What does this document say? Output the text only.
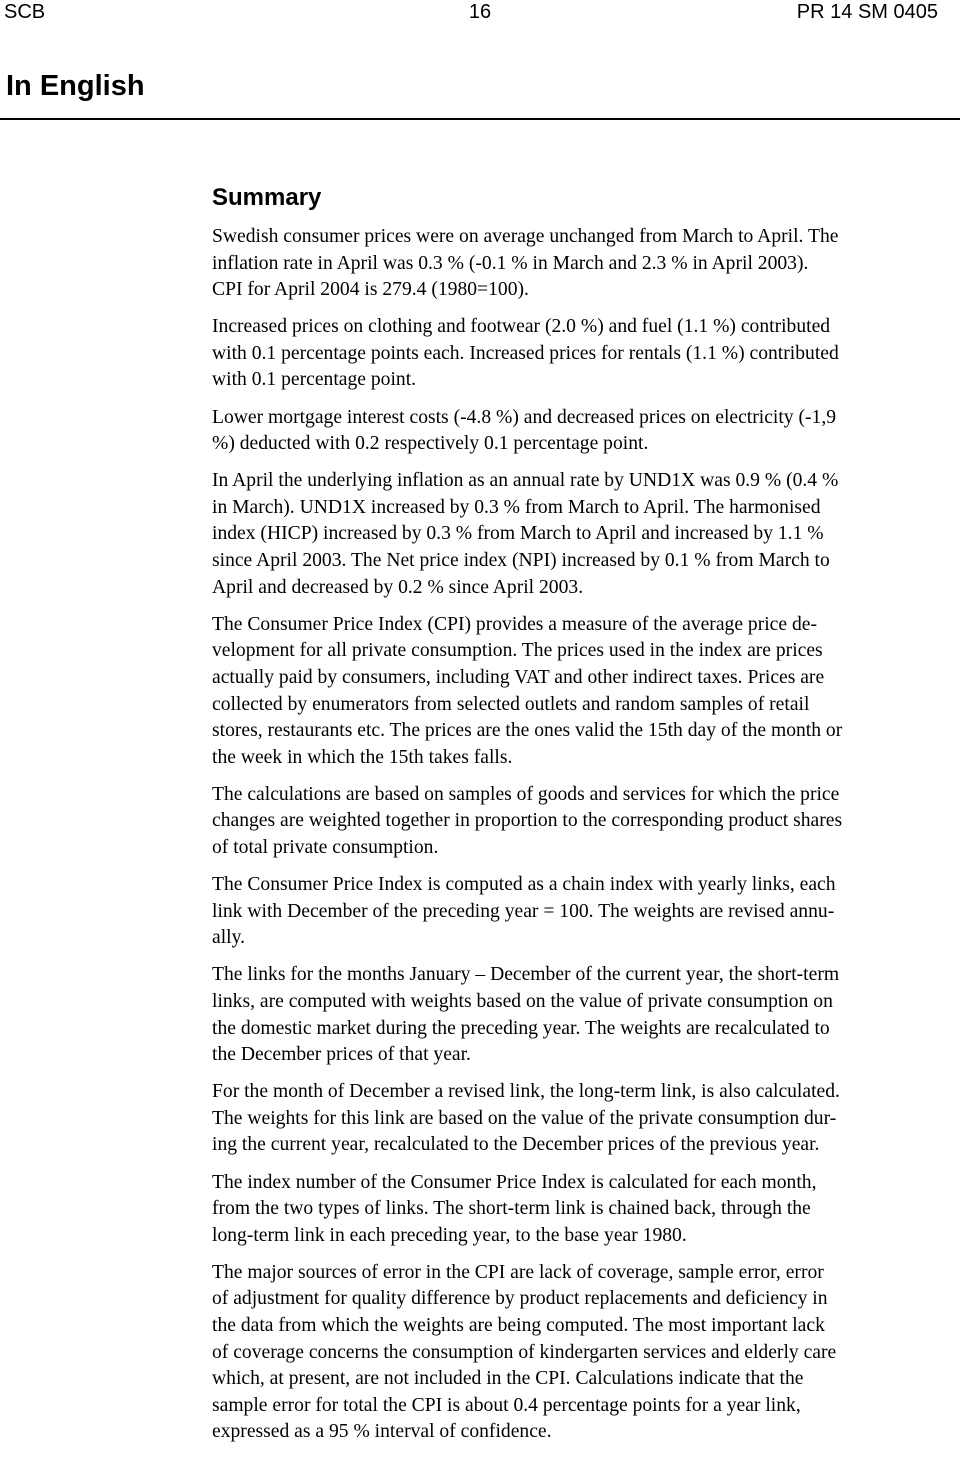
SCB	16	PR 14 SM 0405
In English
Summary

Swedish consumer prices were on average unchanged from March to April. The
inflation rate in April was 0.3 % (-0.1 % in March and 2.3 % in April 2003).
CPI for April 2004 is 279.4 (1980=100).

Increased prices on clothing and footwear (2.0 %) and fuel (1.1 %) contributed
with 0.1 percentage points each. Increased prices for rentals (1.1 %) contributed
with 0.1 percentage point.

Lower mortgage interest costs (-4.8 %) and decreased prices on electricity (-1,9
%) deducted with 0.2 respectively 0.1 percentage point.

In April the underlying inflation as an annual rate by UND1X was 0.9 % (0.4 %
in March). UND1X increased by 0.3 % from March to April. The harmonised
index (HICP) increased by 0.3 % from March to April and increased by 1.1 %
since April 2003. The Net price index (NPI) increased by 0.1 % from March to
April and decreased by 0.2 % since April 2003.

The Consumer Price Index (CPI) provides a measure of the average price de-
velopment for all private consumption. The prices used in the index are prices
actually paid by consumers, including VAT and other indirect taxes. Prices are
collected by enumerators from selected outlets and random samples of retail
stores, restaurants etc. The prices are the ones valid the 15th day of the month or
the week in which the 15th takes falls.

The calculations are based on samples of goods and services for which the price
changes are weighted together in proportion to the corresponding product shares
of total private consumption.

The Consumer Price Index is computed as a chain index with yearly links, each
link with December of the preceding year = 100. The weights are revised annu-
ally.

The links for the months January – December of the current year, the short-term
links, are computed with weights based on the value of private consumption on
the domestic market during the preceding year. The weights are recalculated to
the December prices of that year.

For the month of December a revised link, the long-term link, is also calculated.
The weights for this link are based on the value of the private consumption dur-
ing the current year, recalculated to the December prices of the previous year.

The index number of the Consumer Price Index is calculated for each month,
from the two types of links. The short-term link is chained back, through the
long-term link in each preceding year, to the base year 1980.

The major sources of error in the CPI are lack of coverage, sample error, error
of adjustment for quality difference by product replacements and deficiency in
the data from which the weights are being computed. The most important lack
of coverage concerns the consumption of kindergarten services and elderly care
which, at present, are not included in the CPI. Calculations indicate that the
sample error for total the CPI is about 0.4 percentage points for a year link,
expressed as a 95 % interval of confidence.
